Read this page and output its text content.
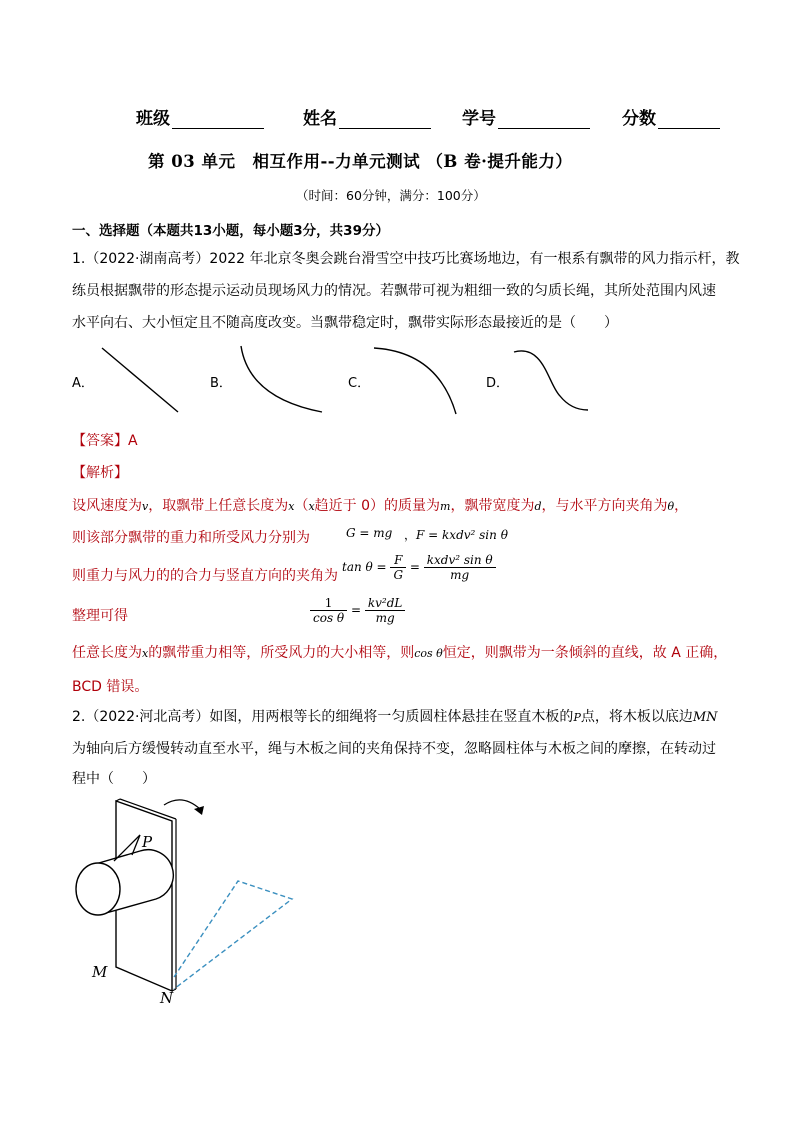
班级	姓名	学号	分数
第 03 单元　相互作用--力单元测试 （B 卷·提升能力）
（时间：60分钟，满分：100分）
一、选择题（本题共13小题，每小题3分，共39分）
1.（2022·湖南高考）2022 年北京冬奥会跳台滑雪空中技巧比赛场地边，有一根系有飘带的风力指示杆，教
练员根据飘带的形态提示运动员现场风力的情况。若飘带可视为粗细一致的匀质长绳，其所处范围内风速
水平向右、大小恒定且不随高度改变。当飘带稳定时，飘带实际形态最接近的是（　　）
A．	B．	C．	D．
【答案】A
【解析】
设风速度为v，取飘带上任意长度为x（x趋近于 0）的质量为m，飘带宽度为d，与水平方向夹角为θ，
则该部分飘带的重力和所受风力分别为	G = mg ，F = kxdv² sin θ
则重力与风力的的合力与竖直方向的夹角为
$\tan \theta = \frac{F}{G} = \frac{\text{kxdv² sin θ}}{mg}$
整理可得	$\frac{1}{\text{cos θ}} = \frac{\text{kv²dL}}{mg}$
任意长度为x的飘带重力相等，所受风力的大小相等，则cos θ恒定，则飘带为一条倾斜的直线，故 A 正确，
BCD 错误。
2.（2022·河北高考）如图，用两根等长的细绳将一匀质圆柱体悬挂在竖直木板的P点，将木板以底边MN
为轴向后方缓慢转动直至水平，绳与木板之间的夹角保持不变，忽略圆柱体与木板之间的摩擦，在转动过
程中（　　）
P
M
N
